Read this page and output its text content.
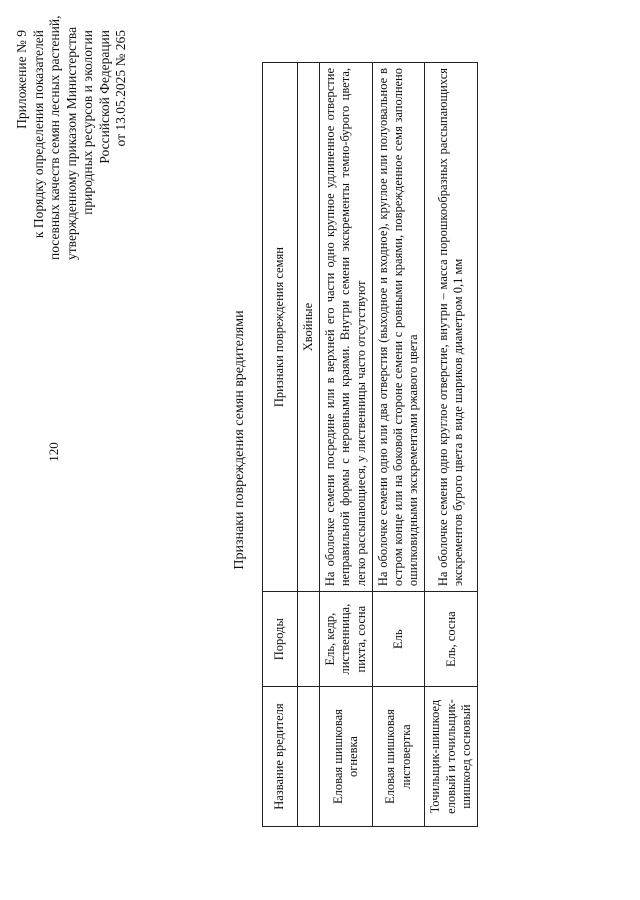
120
Приложение № 9 к Порядку определения показателей посевных качеств семян лесных растений, утвержденному приказом Министерства природных ресурсов и экологии Российской Федерации от 13.05.2025 № 265
Признаки повреждения семян вредителями
Название вредителя	Породы	Признаки повреждения семян
		Хвойные
Еловая шишковая огневка	Ель, кедр, лиственница, пихта, сосна	На оболочке семени посредине или в верхней его части одно крупное удлиненное отверстие неправильной формы с неровными краями. Внутри семени экскременты темно-бурого цвета, легко рассыпающиеся, у лиственницы часто отсутствуют
Еловая шишковая листовертка	Ель	На оболочке семени одно или два отверстия (выходное и входное), круглое или полуовальное в остром конце или на боковой стороне семени с ровными краями, поврежденное семя заполнено ошилковидными экскрементами ржавого цвета
Точильщик-шишкоед еловый и точильщик-шишкоед сосновый	Ель, сосна	На оболочке семени одно круглое отверстие, внутри – масса порошкообразных рассыпающихся экскрементов бурого цвета в виде шариков диаметром 0,1 мм
